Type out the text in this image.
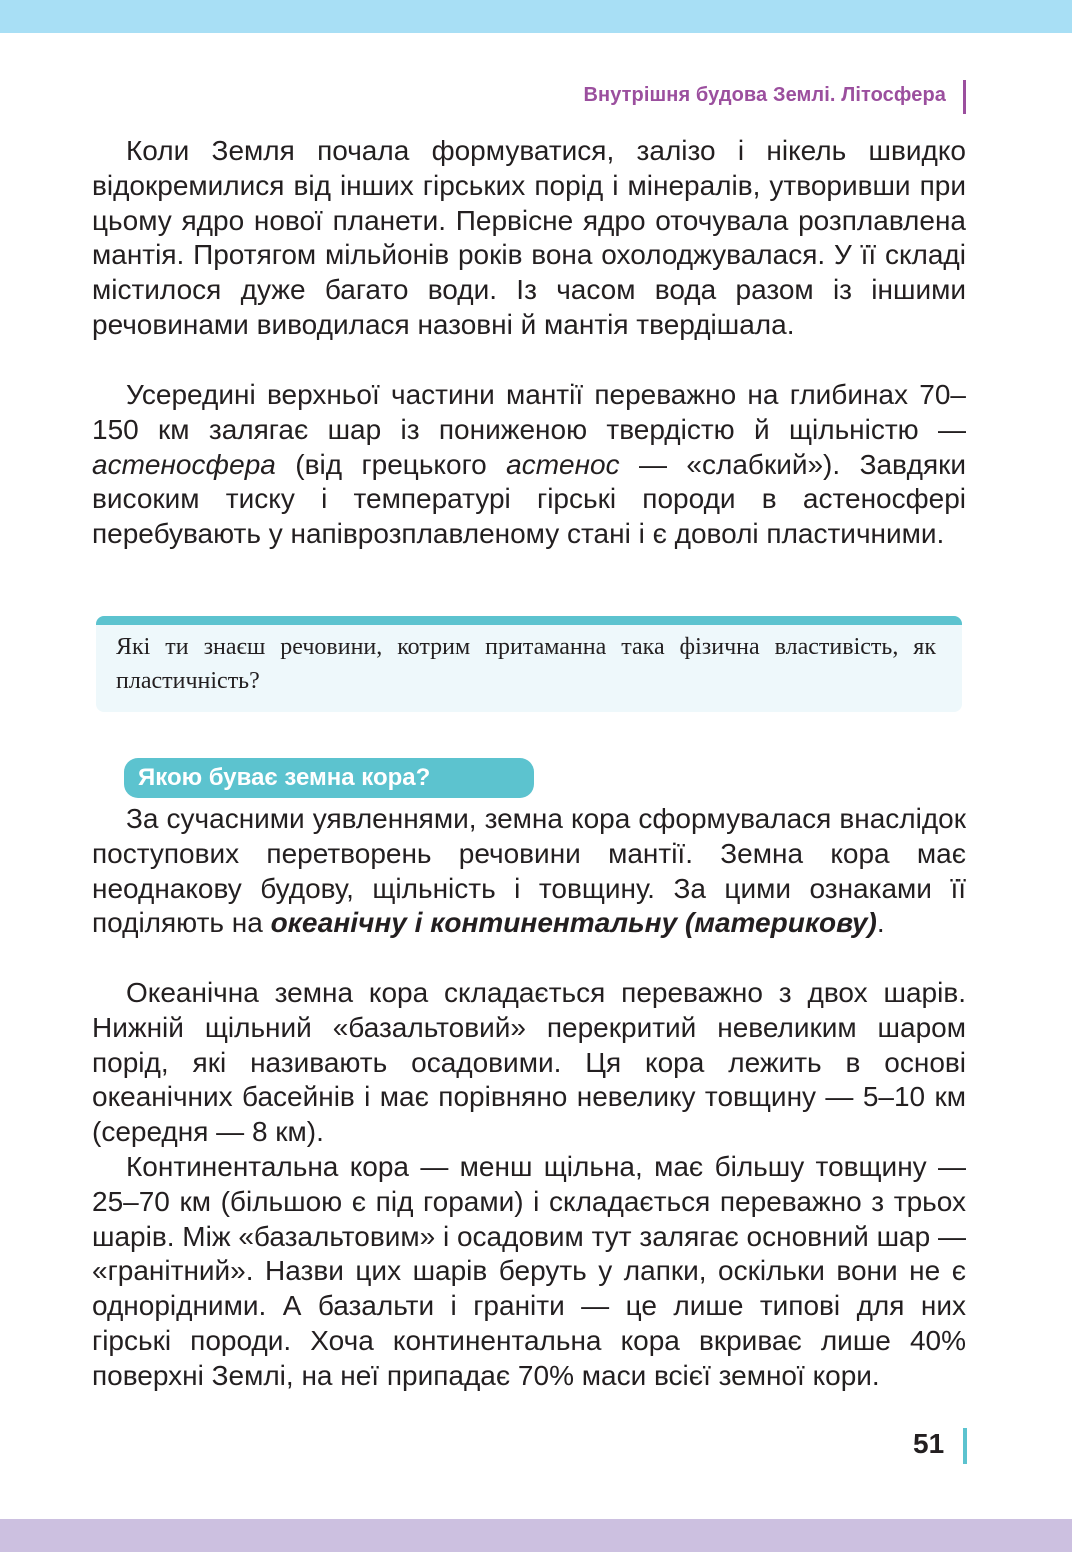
Внутрішня будова Землі. Літосфера

Коли Земля почала формуватися, залізо і нікель швидко відокремилися від інших гірських порід і мінералів, утворивши при цьому ядро нової планети. Первісне ядро оточувала розплавлена мантія. Протягом мільйонів років вона охолоджувалася. У її складі містилося дуже багато води. Із часом вода разом із іншими речовинами виводилася назовні й мантія твердішала.

Усередині верхньої частини мантії переважно на глибинах 70–150 км залягає шар із пониженою твердістю й щільністю — астеносфера (від грецького астенос — «слабкий»). Завдяки високим тиску і температурі гірські породи в астеносфері перебувають у напіврозплавленому стані і є доволі пластичними.

Які ти знаєш речовини, котрим притаманна така фізична властивість, як пластичність?

Якою буває земна кора?

За сучасними уявленнями, земна кора сформувалася внаслідок поступових перетворень речовини мантії. Земна кора має неоднакову будову, щільність і товщину. За цими ознаками її поділяють на океанічну і континентальну (материкову).

Океанічна земна кора складається переважно з двох шарів. Нижній щільний «базальтовий» перекритий невеликим шаром порід, які називають осадовими. Ця кора лежить в основі океанічних басейнів і має порівняно невелику товщину — 5–10 км (середня — 8 км).

Континентальна кора — менш щільна, має більшу товщину — 25–70 км (більшою є під горами) і складається переважно з трьох шарів. Між «базальтовим» і осадовим тут залягає основний шар — «гранітний». Назви цих шарів беруть у лапки, оскільки вони не є однорідними. А базальти і граніти — це лише типові для них гірські породи. Хоча континентальна кора вкриває лише 40% поверхні Землі, на неї припадає 70% маси всієї земної кори.

51
